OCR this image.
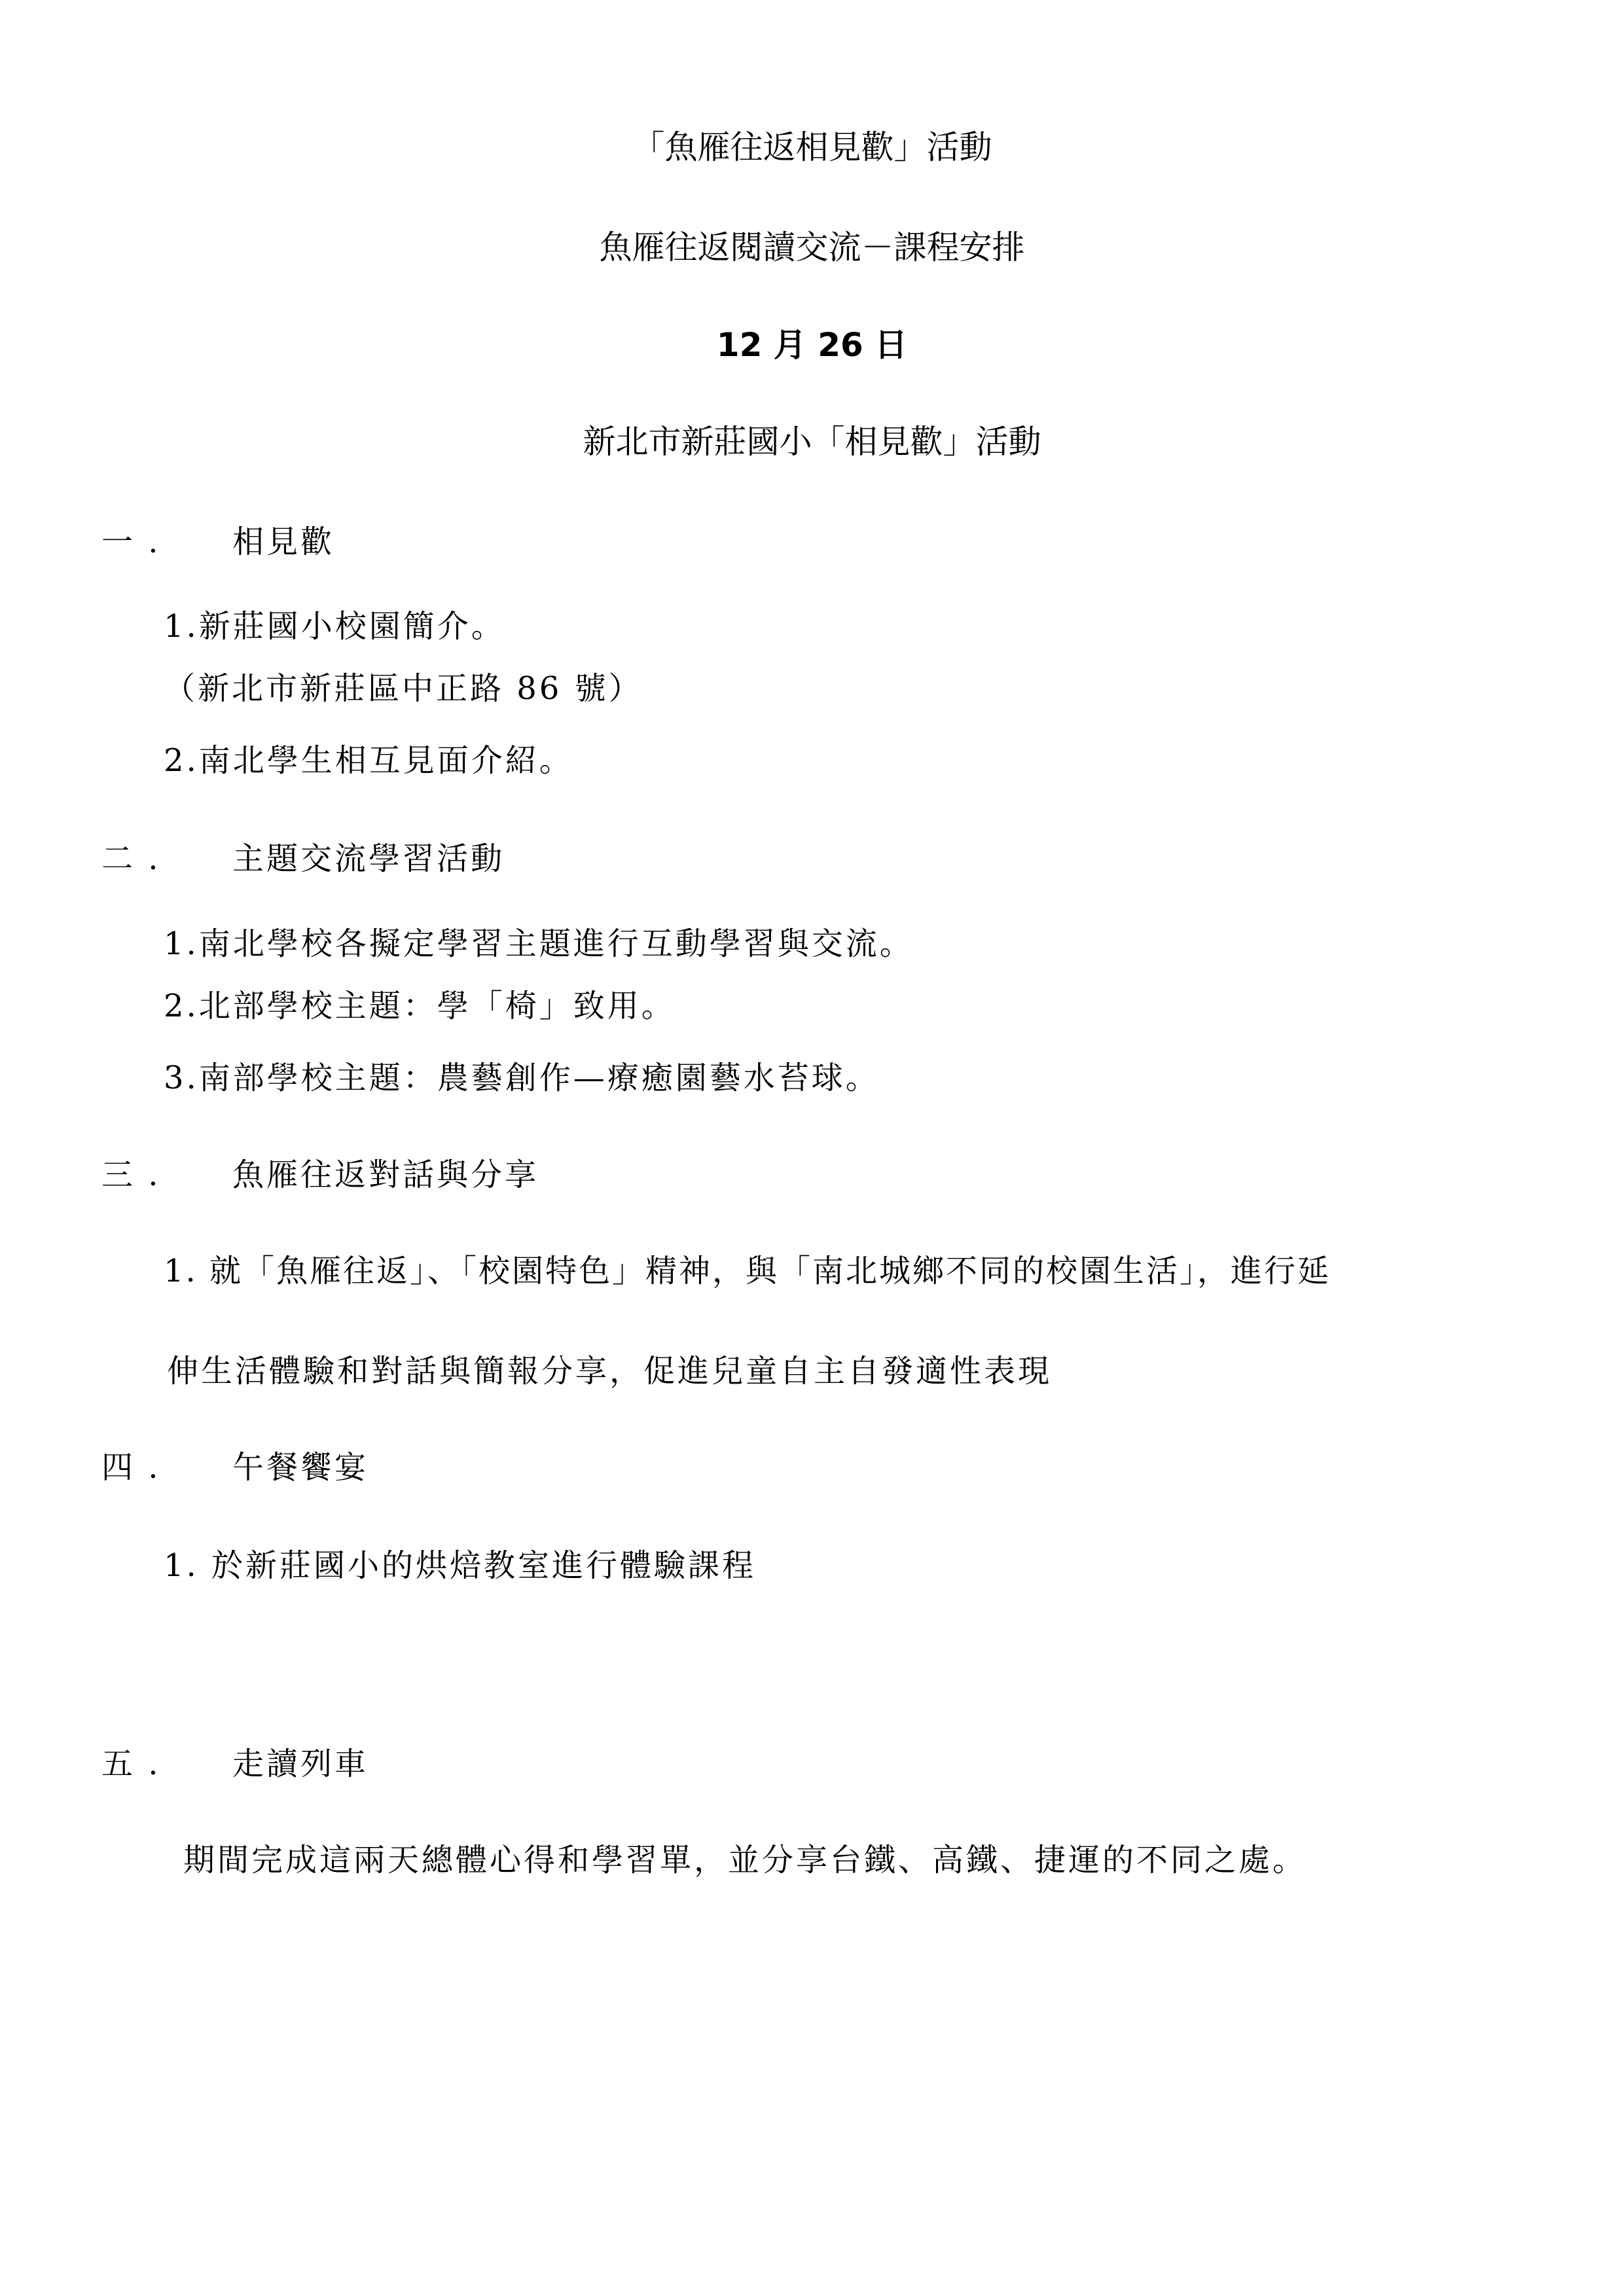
「魚雁往返相見歡」活動
魚雁往返閱讀交流－課程安排
12 月 26 日
新北市新莊國小「相見歡」活動
一 . 相見歡
1.新莊國小校園簡介。
（新北市新莊區中正路 86 號）
2.南北學生相互見面介紹。
二 . 主題交流學習活動
1.南北學校各擬定學習主題進行互動學習與交流。
2.北部學校主題：學「椅」致用。
3.南部學校主題：農藝創作—療癒園藝水苔球。
三 . 魚雁往返對話與分享
1. 就「魚雁往返」、「校園特色」精神，與「南北城鄉不同的校園生活」，進行延
伸生活體驗和對話與簡報分享，促進兒童自主自發適性表現
四 . 午餐饗宴
1. 於新莊國小的烘焙教室進行體驗課程
五 . 走讀列車
期間完成這兩天總體心得和學習單，並分享台鐵、高鐵、捷運的不同之處。
